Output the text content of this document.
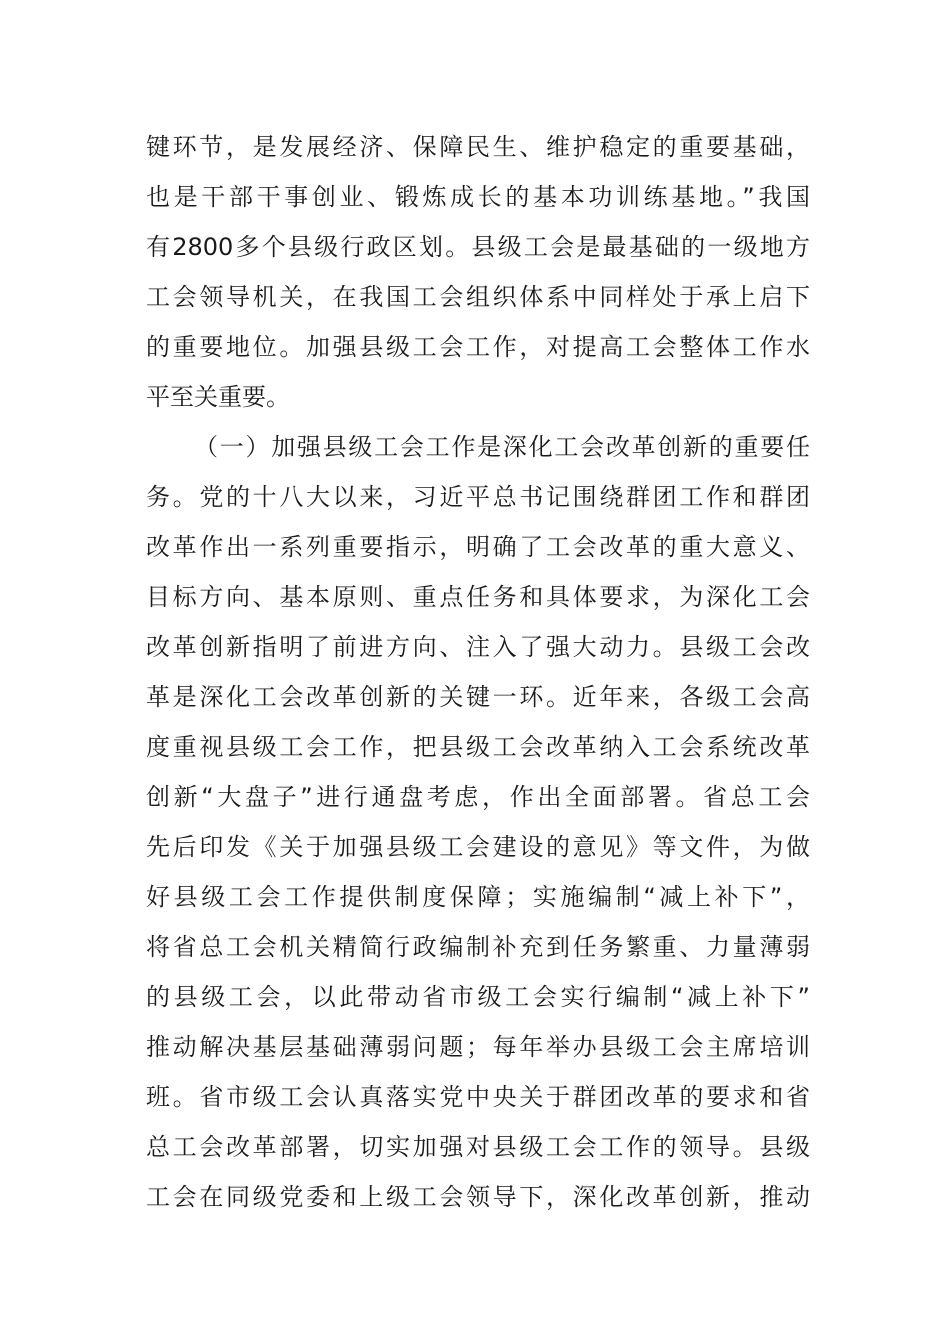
键环节，是发展经济、保障民生、维护稳定的重要基础，
也是干部干事创业、锻炼成长的基本功训练基地。”我国
有2800多个县级行政区划。县级工会是最基础的一级地方
工会领导机关，在我国工会组织体系中同样处于承上启下
的重要地位。加强县级工会工作，对提高工会整体工作水
平至关重要。
（一）加强县级工会工作是深化工会改革创新的重要任
务。党的十八大以来，习近平总书记围绕群团工作和群团
改革作出一系列重要指示，明确了工会改革的重大意义、
目标方向、基本原则、重点任务和具体要求，为深化工会
改革创新指明了前进方向、注入了强大动力。县级工会改
革是深化工会改革创新的关键一环。近年来，各级工会高
度重视县级工会工作，把县级工会改革纳入工会系统改革
创新“大盘子”进行通盘考虑，作出全面部署。省总工会
先后印发《关于加强县级工会建设的意见》等文件，为做
好县级工会工作提供制度保障；实施编制“减上补下”，
将省总工会机关精简行政编制补充到任务繁重、力量薄弱
的县级工会，以此带动省市级工会实行编制“减上补下”
推动解决基层基础薄弱问题；每年举办县级工会主席培训
班。省市级工会认真落实党中央关于群团改革的要求和省
总工会改革部署，切实加强对县级工会工作的领导。县级
工会在同级党委和上级工会领导下，深化改革创新，推动
